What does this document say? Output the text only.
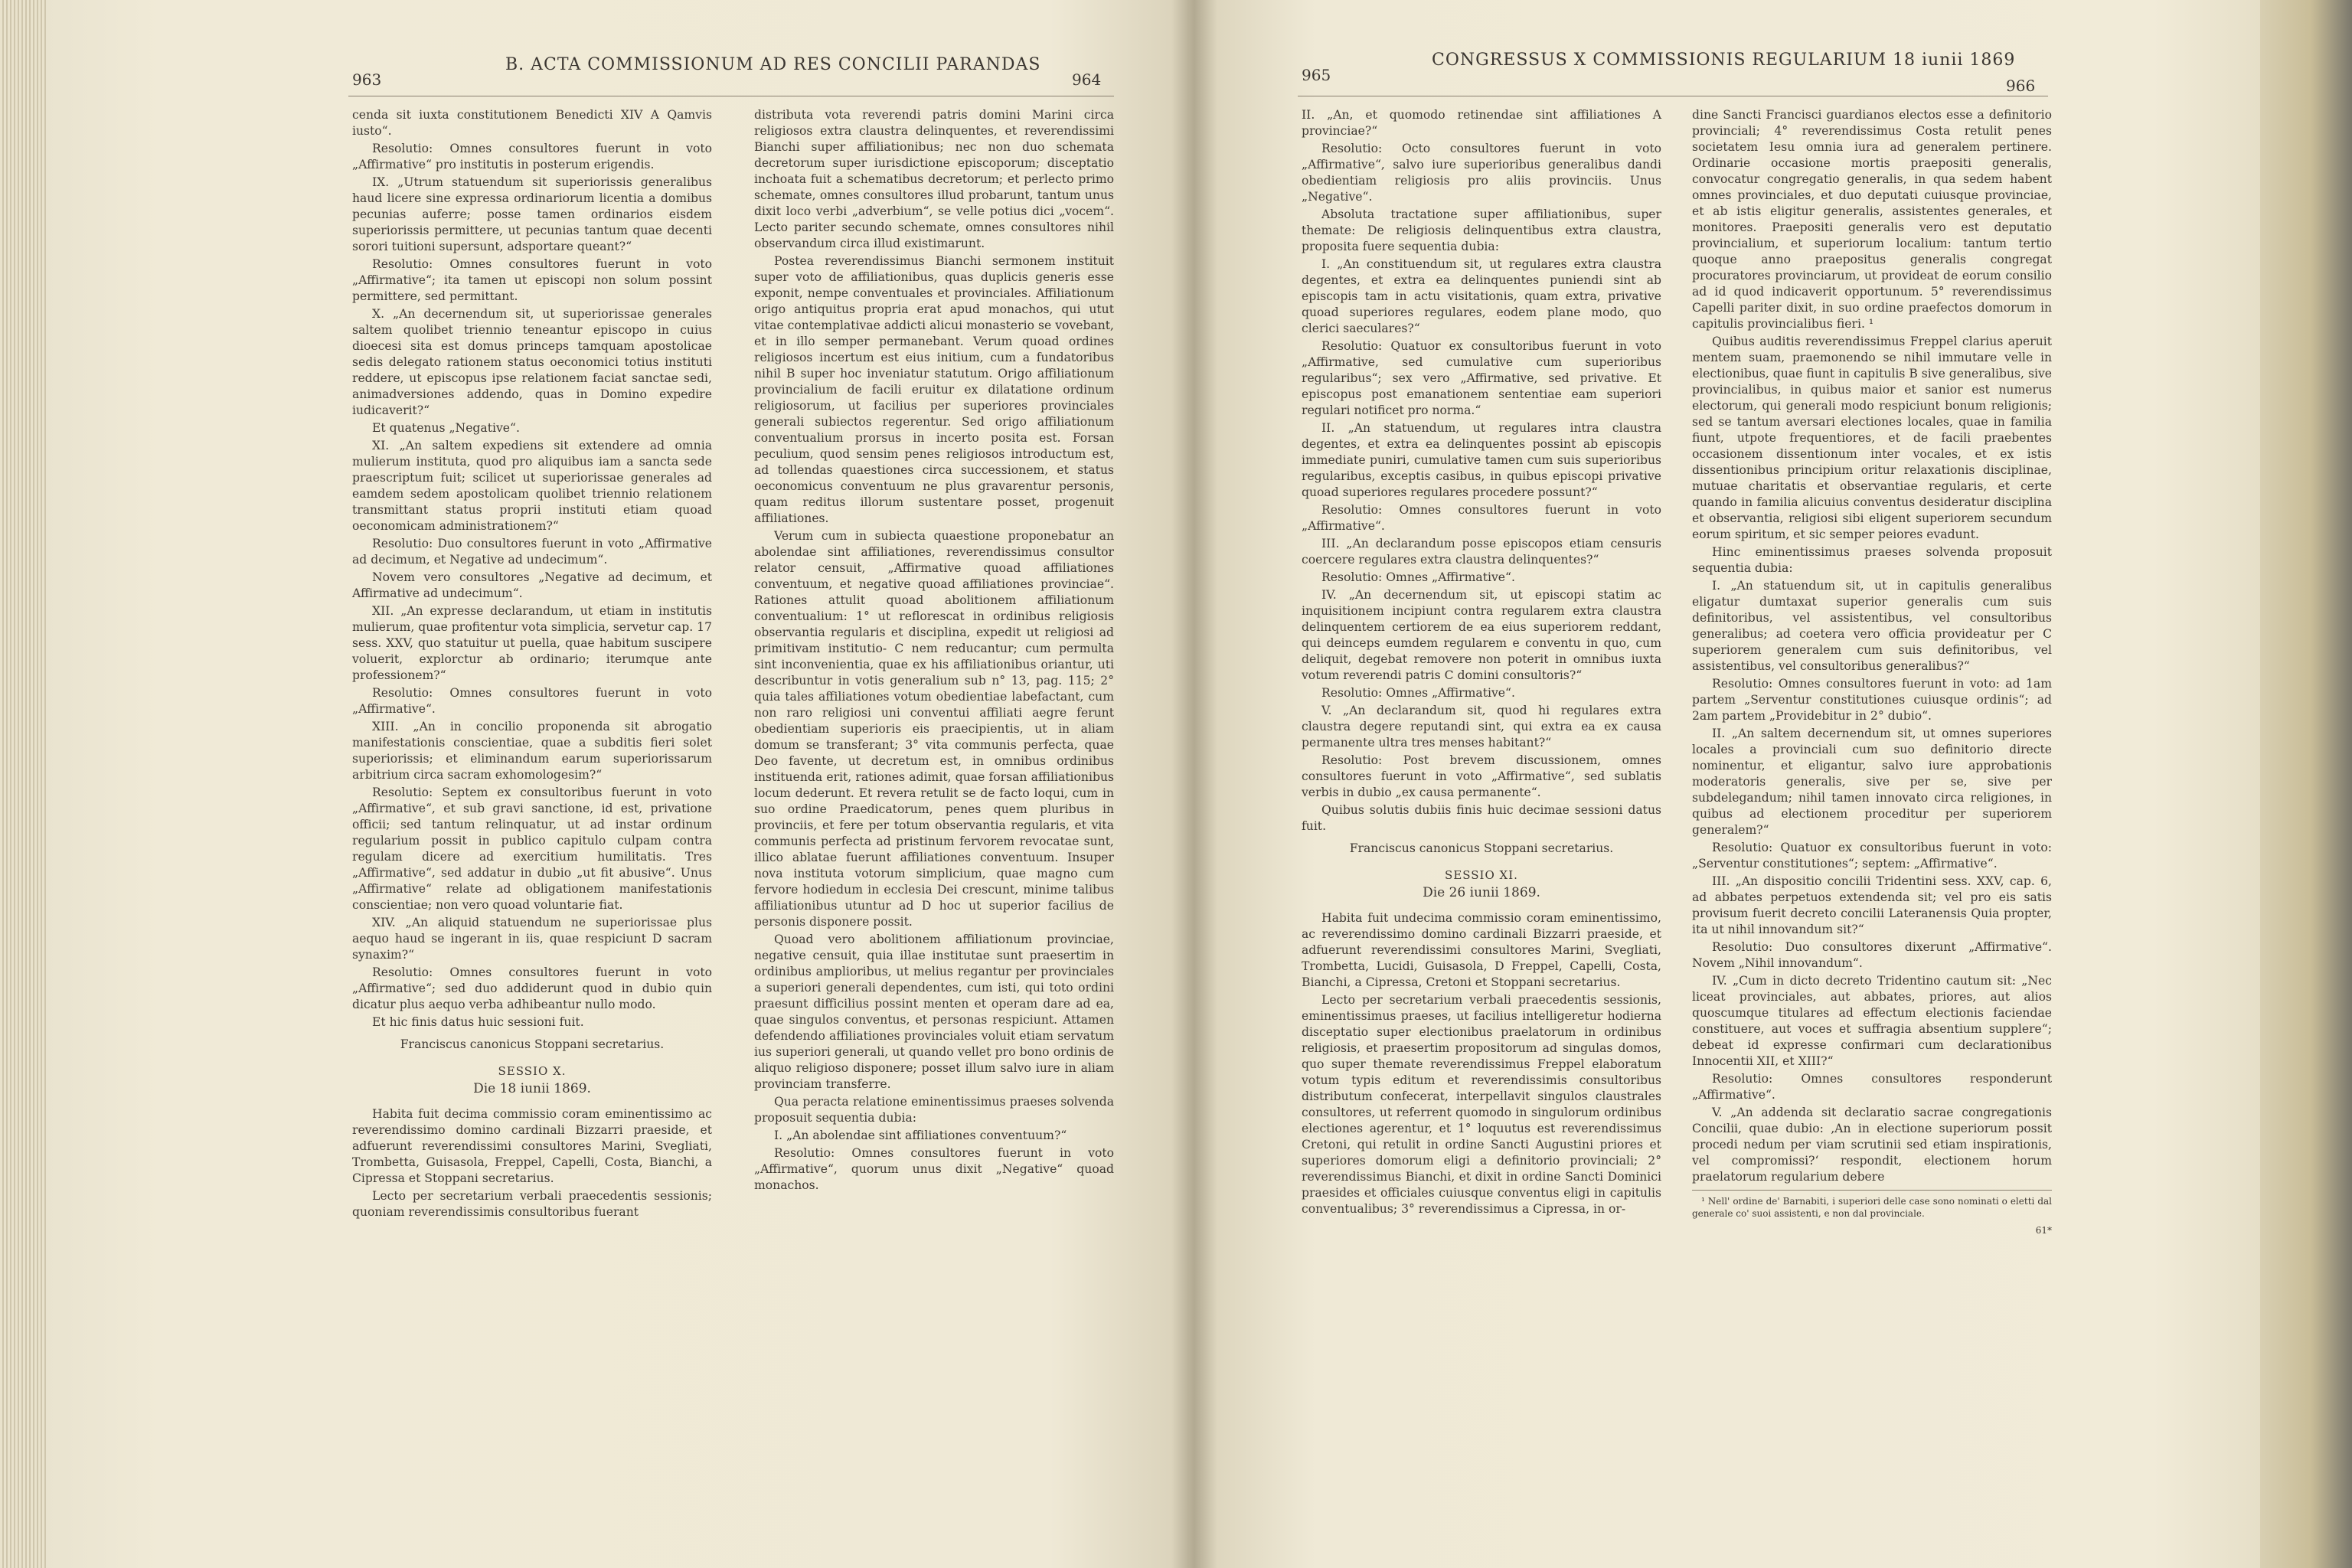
963
B. ACTA COMMISSIONUM AD RES CONCILII PARANDAS
964

cenda sit iuxta constitutionem Benedicti XIV A Qamvis iusto“.

Resolutio: Omnes consultores fuerunt in voto „Affirmative“ pro institutis in posterum erigendis.

IX. „Utrum statuendum sit superiorissis generalibus haud licere sine expressa ordinariorum licentia a domibus pecunias auferre; posse tamen ordinarios eisdem superiorissis permittere, ut pecunias tantum quae decenti sorori tuitioni supersunt, adsportare queant?“

Resolutio: Omnes consultores fuerunt in voto „Affirmative“; ita tamen ut episcopi non solum possint permittere, sed permittant.

X. „An decernendum sit, ut superiorissae generales saltem quolibet triennio teneantur episcopo in cuius dioecesi sita est domus princeps tamquam apostolicae sedis delegato rationem status oeconomici totius instituti reddere, ut episcopus ipse relationem faciat sanctae sedi, animadversiones addendo, quas in Domino expedire iudicaverit?“

Et quatenus „Negative“.

XI. „An saltem expediens sit extendere ad omnia mulierum instituta, quod pro aliquibus iam a sancta sede praescriptum fuit; scilicet ut superiorissae generales ad eamdem sedem apostolicam quolibet triennio relationem transmittant status proprii instituti etiam quoad oeconomicam administrationem?“

Resolutio: Duo consultores fuerunt in voto „Affirmative ad decimum, et Negative ad undecimum“.

Novem vero consultores „Negative ad decimum, et Affirmative ad undecimum“.

XII. „An expresse declarandum, ut etiam in institutis mulierum, quae profitentur vota simplicia, servetur cap. 17 sess. XXV, quo statuitur ut puella, quae habitum suscipere voluerit, explorctur ab ordinario; iterumque ante professionem?“

Resolutio: Omnes consultores fuerunt in voto „Affirmative“.

XIII. „An in concilio proponenda sit abrogatio manifestationis conscientiae, quae a subditis fieri solet superiorissis; et eliminandum earum superiorissarum arbitrium circa sacram exhomologesim?“

Resolutio: Septem ex consultoribus fuerunt in voto „Affirmative“, et sub gravi sanctione, id est, privatione officii; sed tantum relinquatur, ut ad instar ordinum regularium possit in publico capitulo culpam contra regulam dicere ad exercitium humilitatis. Tres „Affirmative“, sed addatur in dubio „ut fit abusive“. Unus „Affirmative“ relate ad obligationem manifestationis conscientiae; non vero quoad voluntarie fiat.

XIV. „An aliquid statuendum ne superiorissae plus aequo haud se ingerant in iis, quae respiciunt D sacram synaxim?“

Resolutio: Omnes consultores fuerunt in voto „Affirmative“; sed duo addiderunt quod in dubio quin dicatur plus aequo verba adhibeantur nullo modo.

Et hic finis datus huic sessioni fuit.

Franciscus canonicus Stoppani secretarius.

SESSIO X.

Die 18 iunii 1869.

Habita fuit decima commissio coram eminentissimo ac reverendissimo domino cardinali Bizzarri praeside, et adfuerunt reverendissimi consultores Marini, Svegliati, Trombetta, Guisasola, Freppel, Capelli, Costa, Bianchi, a Cipressa et Stoppani secretarius.

Lecto per secretarium verbali praecedentis sessionis; quoniam reverendissimis consultoribus fuerant

distributa vota reverendi patris domini Marini circa religiosos extra claustra delinquentes, et reverendissimi Bianchi super affiliationibus; nec non duo schemata decretorum super iurisdictione episcoporum; disceptatio inchoata fuit a schematibus decretorum; et perlecto primo schemate, omnes consultores illud probarunt, tantum unus dixit loco verbi „adverbium“, se velle potius dici „vocem“. Lecto pariter secundo schemate, omnes consultores nihil observandum circa illud existimarunt.

Postea reverendissimus Bianchi sermonem instituit super voto de affiliationibus, quas duplicis generis esse exponit, nempe conventuales et provinciales. Affiliationum origo antiquitus propria erat apud monachos, qui utut vitae contemplativae addicti alicui monasterio se vovebant, et in illo semper permanebant. Verum quoad ordines religiosos incertum est eius initium, cum a fundatoribus nihil B super hoc inveniatur statutum. Origo affiliationum provincialium de facili eruitur ex dilatatione ordinum religiosorum, ut facilius per superiores provinciales generali subiectos regerentur. Sed origo affiliationum conventualium prorsus in incerto posita est. Forsan peculium, quod sensim penes religiosos introductum est, ad tollendas quaestiones circa successionem, et status oeconomicus conventuum ne plus gravarentur personis, quam reditus illorum sustentare posset, progenuit affiliationes.

Verum cum in subiecta quaestione proponebatur an abolendae sint affiliationes, reverendissimus consultor relator censuit, „Affirmative quoad affiliationes conventuum, et negative quoad affiliationes provinciae“. Rationes attulit quoad abolitionem affiliationum conventualium: 1° ut reflorescat in ordinibus religiosis observantia regularis et disciplina, expedit ut religiosi ad primitivam institutio- C nem reducantur; cum permulta sint inconvenientia, quae ex his affiliationibus oriantur, uti describuntur in votis generalium sub n° 13, pag. 115; 2° quia tales affiliationes votum obedientiae labefactant, cum non raro religiosi uni conventui affiliati aegre ferunt obedientiam superioris eis praecipientis, ut in aliam domum se transferant; 3° vita communis perfecta, quae Deo favente, ut decretum est, in omnibus ordinibus instituenda erit, rationes adimit, quae forsan affiliationibus locum dederunt. Et revera retulit se de facto loqui, cum in suo ordine Praedicatorum, penes quem pluribus in provinciis, et fere per totum observantia regularis, et vita communis perfecta ad pristinum fervorem revocatae sunt, illico ablatae fuerunt affiliationes conventuum. Insuper nova instituta votorum simplicium, quae magno cum fervore hodiedum in ecclesia Dei crescunt, minime talibus affiliationibus utuntur ad D hoc ut superior facilius de personis disponere possit.

Quoad vero abolitionem affiliationum provinciae, negative censuit, quia illae institutae sunt praesertim in ordinibus amplioribus, ut melius regantur per provinciales a superiori generali dependentes, cum isti, qui toto ordini praesunt difficilius possint menten et operam dare ad ea, quae singulos conventus, et personas respiciunt. Attamen defendendo affiliationes provinciales voluit etiam servatum ius superiori generali, ut quando vellet pro bono ordinis de aliquo religioso disponere; posset illum salvo iure in aliam provinciam transferre.

Qua peracta relatione eminentissimus praeses solvenda proposuit sequentia dubia:

I. „An abolendae sint affiliationes conventuum?“

Resolutio: Omnes consultores fuerunt in voto „Affirmative“, quorum unus dixit „Negative“ quoad monachos.

965
CONGRESSUS X COMMISSIONIS REGULARIUM 18 iunii 1869
966

II. „An, et quomodo retinendae sint affiliationes A provinciae?“

Resolutio: Octo consultores fuerunt in voto „Affirmative“, salvo iure superioribus generalibus dandi obedientiam religiosis pro aliis provinciis. Unus „Negative“.

Absoluta tractatione super affiliationibus, super themate: De religiosis delinquentibus extra claustra, proposita fuere sequentia dubia:

I. „An constituendum sit, ut regulares extra claustra degentes, et extra ea delinquentes puniendi sint ab episcopis tam in actu visitationis, quam extra, privative quoad superiores regulares, eodem plane modo, quo clerici saeculares?“

Resolutio: Quatuor ex consultoribus fuerunt in voto „Affirmative, sed cumulative cum superioribus regularibus“; sex vero „Affirmative, sed privative. Et episcopus post emanationem sententiae eam superiori regulari notificet pro norma.“

II. „An statuendum, ut regulares intra claustra degentes, et extra ea delinquentes possint ab episcopis immediate puniri, cumulative tamen cum suis superioribus regularibus, exceptis casibus, in quibus episcopi privative quoad superiores regulares procedere possunt?“

Resolutio: Omnes consultores fuerunt in voto „Affirmative“.

III. „An declarandum posse episcopos etiam censuris coercere regulares extra claustra delinquentes?“

Resolutio: Omnes „Affirmative“.

IV. „An decernendum sit, ut episcopi statim ac inquisitionem incipiunt contra regularem extra claustra delinquentem certiorem de ea eius superiorem reddant, qui deinceps eumdem regularem e conventu in quo, cum deliquit, degebat removere non poterit in omnibus iuxta votum reverendi patris C domini consultoris?“

Resolutio: Omnes „Affirmative“.

V. „An declarandum sit, quod hi regulares extra claustra degere reputandi sint, qui extra ea ex causa permanente ultra tres menses habitant?“

Resolutio: Post brevem discussionem, omnes consultores fuerunt in voto „Affirmative“, sed sublatis verbis in dubio „ex causa permanente“.

Quibus solutis dubiis finis huic decimae sessioni datus fuit.

Franciscus canonicus Stoppani secretarius.

SESSIO XI.

Die 26 iunii 1869.

Habita fuit undecima commissio coram eminentissimo, ac reverendissimo domino cardinali Bizzarri praeside, et adfuerunt reverendissimi consultores Marini, Svegliati, Trombetta, Lucidi, Guisasola, D Freppel, Capelli, Costa, Bianchi, a Cipressa, Cretoni et Stoppani secretarius.

Lecto per secretarium verbali praecedentis sessionis, eminentissimus praeses, ut facilius intelligeretur hodierna disceptatio super electionibus praelatorum in ordinibus religiosis, et praesertim propositorum ad singulas domos, quo super themate reverendissimus Freppel elaboratum votum typis editum et reverendissimis consultoribus distributum confecerat, interpellavit singulos claustrales consultores, ut referrent quomodo in singulorum ordinibus electiones agerentur, et 1° loquutus est reverendissimus Cretoni, qui retulit in ordine Sancti Augustini priores et superiores domorum eligi a definitorio provinciali; 2° reverendissimus Bianchi, et dixit in ordine Sancti Dominici praesides et officiales cuiusque conventus eligi in capitulis conventualibus; 3° reverendissimus a Cipressa, in or-

dine Sancti Francisci guardianos electos esse a definitorio provinciali; 4° reverendissimus Costa retulit penes societatem Iesu omnia iura ad generalem pertinere. Ordinarie occasione mortis praepositi generalis, convocatur congregatio generalis, in qua sedem habent omnes provinciales, et duo deputati cuiusque provinciae, et ab istis eligitur generalis, assistentes generales, et monitores. Praepositi generalis vero est deputatio provincialium, et superiorum localium: tantum tertio quoque anno praepositus generalis congregat procuratores provinciarum, ut provideat de eorum consilio ad id quod indicaverit opportunum. 5° reverendissimus Capelli pariter dixit, in suo ordine praefectos domorum in capitulis provincialibus fieri. ¹

Quibus auditis reverendissimus Freppel clarius aperuit mentem suam, praemonendo se nihil immutare velle in electionibus, quae fiunt in capitulis B sive generalibus, sive provincialibus, in quibus maior et sanior est numerus electorum, qui generali modo respiciunt bonum religionis; sed se tantum aversari electiones locales, quae in familia fiunt, utpote frequentiores, et de facili praebentes occasionem dissentionum inter vocales, et ex istis dissentionibus principium oritur relaxationis disciplinae, mutuae charitatis et observantiae regularis, et certe quando in familia alicuius conventus desideratur disciplina et observantia, religiosi sibi eligent superiorem secundum eorum spiritum, et sic semper peiores evadunt.

Hinc eminentissimus praeses solvenda proposuit sequentia dubia:

I. „An statuendum sit, ut in capitulis generalibus eligatur dumtaxat superior generalis cum suis definitoribus, vel assistentibus, vel consultoribus generalibus; ad coetera vero officia provideatur per C superiorem generalem cum suis definitoribus, vel assistentibus, vel consultoribus generalibus?“

Resolutio: Omnes consultores fuerunt in voto: ad 1am partem „Serventur constitutiones cuiusque ordinis“; ad 2am partem „Providebitur in 2° dubio“.

II. „An saltem decernendum sit, ut omnes superiores locales a provinciali cum suo definitorio directe nominentur, et eligantur, salvo iure approbationis moderatoris generalis, sive per se, sive per subdelegandum; nihil tamen innovato circa religiones, in quibus ad electionem proceditur per superiorem generalem?“

Resolutio: Quatuor ex consultoribus fuerunt in voto: „Serventur constitutiones“; septem: „Affirmative“.

III. „An dispositio concilii Tridentini sess. XXV, cap. 6, ad abbates perpetuos extendenda sit; vel pro eis satis provisum fuerit decreto concilii Lateranensis Quia propter, ita ut nihil innovandum sit?“

Resolutio: Duo consultores dixerunt „Affirmative“. Novem „Nihil innovandum“.

IV. „Cum in dicto decreto Tridentino cautum sit: „Nec liceat provinciales, aut abbates, priores, aut alios quoscumque titulares ad effectum electionis faciendae constituere, aut voces et suffragia absentium supplere“; debeat id expresse confirmari cum declarationibus Innocentii XII, et XIII?“

Resolutio: Omnes consultores responderunt „Affirmative“.

V. „An addenda sit declaratio sacrae congregationis Concilii, quae dubio: ‚An in electione superiorum possit procedi nedum per viam scrutinii sed etiam inspirationis, vel compromissi?‘ respondit, electionem horum praelatorum regularium debere

¹ Nell' ordine de' Barnabiti, i superiori delle case sono nominati o eletti dal generale co' suoi assistenti, e non dal provinciale.

61*
